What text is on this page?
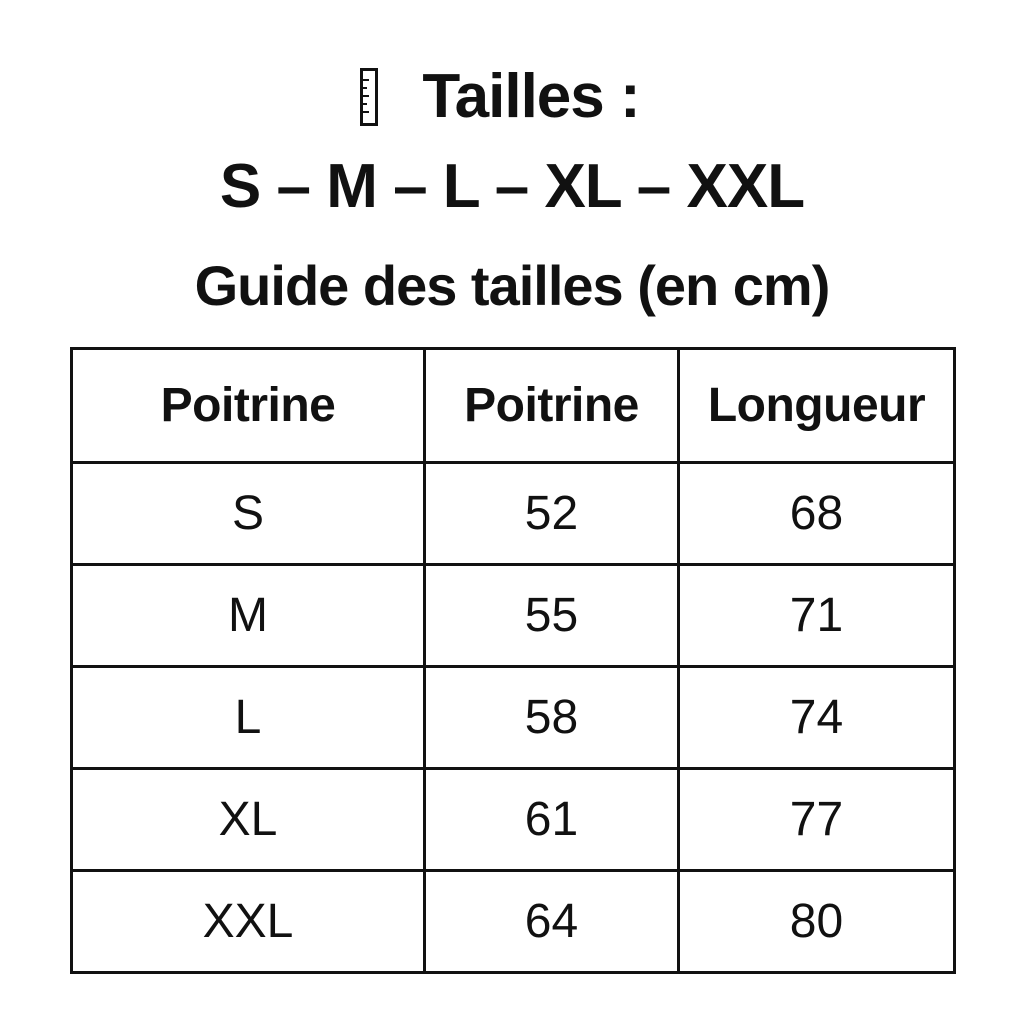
Tailles :
S – M – L – XL – XXL
Guide des tailles (en cm)
Poitrine	Poitrine	Longueur
S	52	68
M	55	71
L	58	74
XL	61	77
XXL	64	80
